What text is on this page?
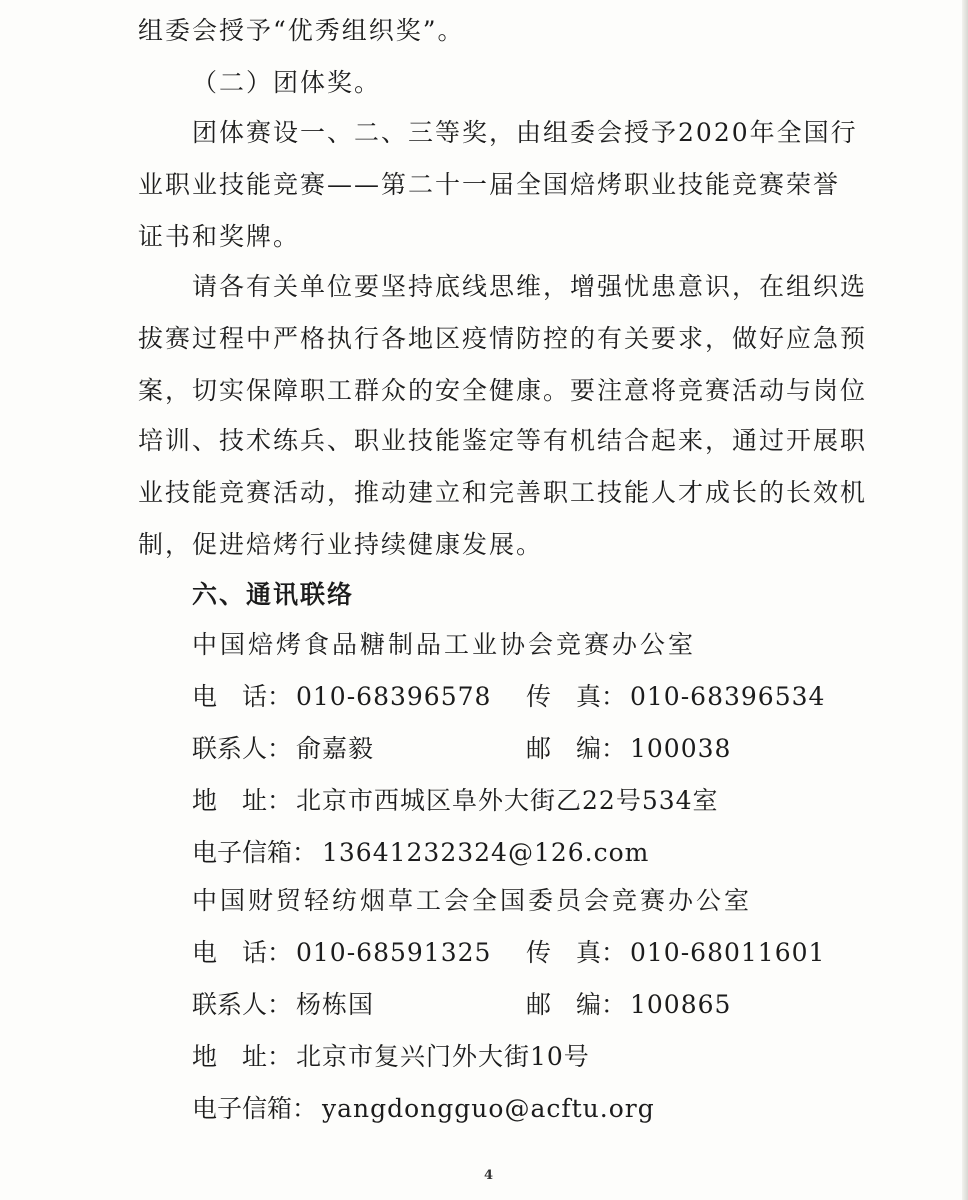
组委会授予“优秀组织奖”。
（二）团体奖。
团体赛设一、二、三等奖，由组委会授予2020年全国行
业职业技能竞赛——第二十一届全国焙烤职业技能竞赛荣誉
证书和奖牌。
请各有关单位要坚持底线思维，增强忧患意识，在组织选
拔赛过程中严格执行各地区疫情防控的有关要求，做好应急预
案，切实保障职工群众的安全健康。要注意将竞赛活动与岗位
培训、技术练兵、职业技能鉴定等有机结合起来，通过开展职
业技能竞赛活动，推动建立和完善职工技能人才成长的长效机
制，促进焙烤行业持续健康发展。
六、通讯联络
中国焙烤食品糖制品工业协会竞赛办公室
电　话： 010-68396578 传　真： 010-68396534
联系人： 俞嘉毅	邮　编： 100038
地　址： 北京市西城区阜外大街乙22号534室
电子信箱： 13641232324@126.com
中国财贸轻纺烟草工会全国委员会竞赛办公室
电　话： 010-68591325 传　真： 010-68011601
联系人： 杨栋国	邮　编： 100865
地　址： 北京市复兴门外大街10号
电子信箱： yangdongguo@acftu.org
4
